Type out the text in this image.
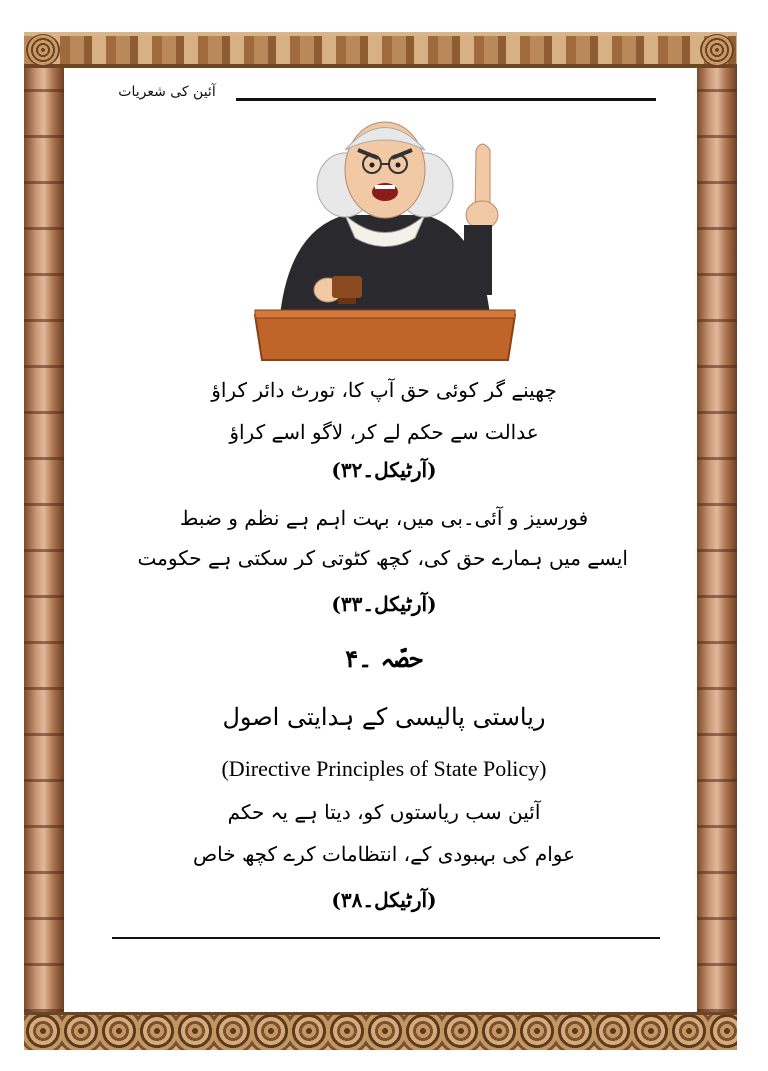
آئین کی شعریات
چھینے گر کوئی حق آپ کا، تورٹ دائر کراؤ
عدالت سے حکم لے کر، لاگو اسے کراؤ
(آرٹیکل۔۳۲)
فورسیز و آئی۔بی میں، بہت اہم ہے نظم و ضبط
ایسے میں ہمارے حق کی، کچھ کٹوتی کر سکتی ہے حکومت
(آرٹیکل۔۳۳)
حصّہ ۔۴
ریاستی پالیسی کے ہدایتی اصول
(Directive Principles of State Policy)
آئین سب ریاستوں کو، دیتا ہے یہ حکم
عوام کی بہبودی کے، انتظامات کرے کچھ خاص
(آرٹیکل۔۳۸)
